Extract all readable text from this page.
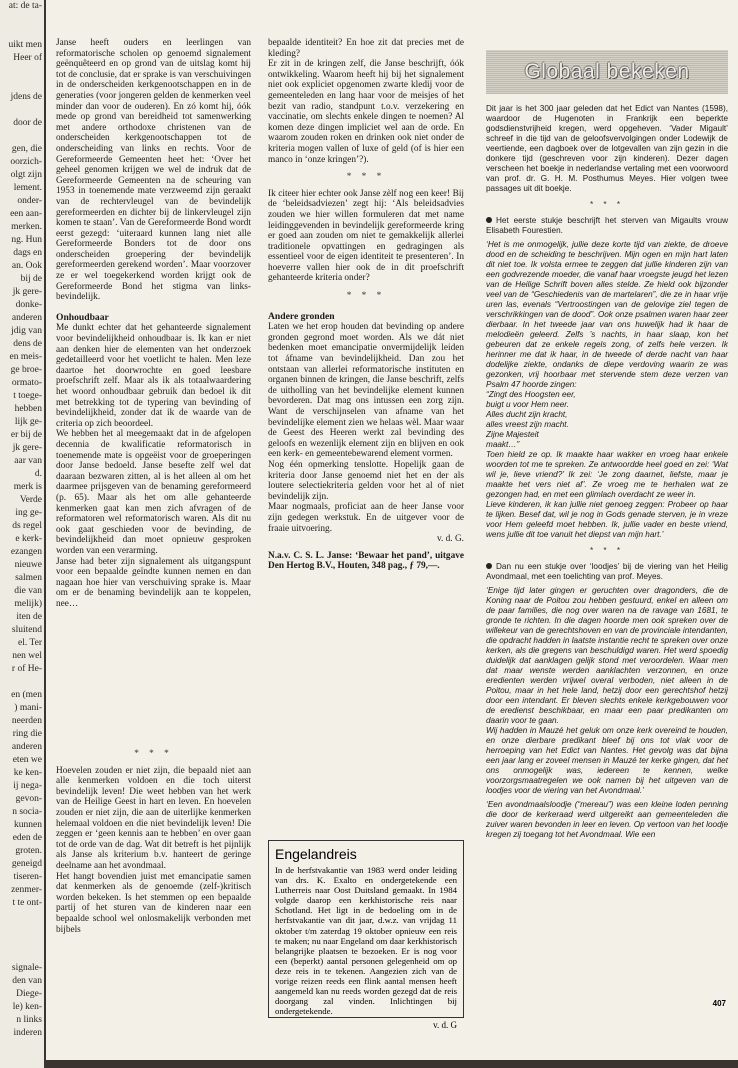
at: de ta-

uikt men
Heer of

jdens de

door de

gen, die
oorzich-
olgt zijn
lement.
onder-
een aan-
merken.
ng. Hun
dags en
an. Ook
bij de
jk gere-
donke-
anderen
jdig van
dens de
en meis-
ge broe-
ormato-
t toege-
hebben
lijk ge-
er bij de
jk gere-
aar van
d.
merk is
Verde
ing ge-
ds regel
e kerk-
ezangen
nieuwe
salmen
die van
melijk)
iten de
sluitend
el. Ter
nen wel
r of He-

en (men
) mani-
neerden
ring die
anderen
eten we
ke ken-
ij nega-
gevon-
n socia-
kunnen
eden de
groten.
geneigd
tiseren-
zenmer-
t te ont-

signale-
den van
Diege-
le) ken-
n links
inderen

Janse heeft ouders en leerlingen van reformatorische scholen op genoemd signalement geënquêteerd en op grond van de uitslag komt hij tot de conclusie, dat er sprake is van verschuivingen in de onderscheiden kerkgenootschappen en in de generaties (voor jongeren gelden de kenmerken veel minder dan voor de ouderen). En zó komt hij, óók mede op grond van bereidheid tot samenwerking met andere orthodoxe christenen van de onderscheiden kerkgenootschappen tot de onderscheiding van links en rechts. Voor de Gereformeerde Gemeenten heet het: ‘Over het geheel genomen krijgen we wel de indruk dat de Gereformeerde Gemeenten na de scheuring van 1953 in toenemende mate verzweemd zijn geraakt van de rechtervleugel van de bevindelijk gereformeerden en dichter bij de linkervleugel zijn komen te staan’. Van de Gereformeerde Bond wordt eerst gezegd: ‘uiteraard kunnen lang niet alle Gereformeerde Bonders tot de door ons onderscheiden groepering der bevindelijk gereformeerden gerekend worden’. Maar voorzover ze er wel toegekerkend worden krijgt ook de Gereformeerde Bond het stigma van links-bevindelijk.

Onhoudbaar

Me dunkt echter dat het gehanteerde signalement voor bevindelijkheid onhoudbaar is. Ik kan er niet aan denken hier de elementen van het onderzoek gedetailleerd voor het voetlicht te halen. Men leze daartoe het doorwrochte en goed leesbare proefschrift zelf. Maar als ik als totaalwaardering het woord onhoudbaar gebruik dan bedoel ik dit met betrekking tot de typering van bevinding of bevindelijkheid, zonder dat ik de waarde van de criteria op zich beoordeel.

We hebben het al meegemaakt dat in de afgelopen decennia de kwalificatie reformatorisch in toenemende mate is opgeëist voor de groeperingen door Janse bedoeld. Janse besefte zelf wel dat daaraan bezwaren zitten, al is het alleen al om het daarmee prijsgeven van de benaming gereformeerd (p. 65). Maar als het om alle gehanteerde kenmerken gaat kan men zich afvragen of de reformatoren wel reformatorisch waren. Als dit nu ook gaat geschieden voor de bevinding, de bevindelijkheid dan moet opnieuw gesproken worden van een verarming.

Janse had beter zijn signalement als uitgangspunt voor een bepaalde geïndte kunnen nemen en dan nagaan hoe hier van verschuiving sprake is. Maar om er de benaming bevindelijk aan te koppelen, nee…

* * *

Hoevelen zouden er niet zijn, die bepaald niet aan alle kenmerken voldoen en die toch uiterst bevindelijk leven! Die weet hebben van het werk van de Heilige Geest in hart en leven. En hoevelen zouden er niet zijn, die aan de uiterlijke kenmerken helemaal voldoen en die niet bevindelijk leven! Die zeggen er ‘geen kennis aan te hebben’ en over gaan tot de orde van de dag. Wat dit betreft is het pijnlijk als Janse als kriterium b.v. hanteert de geringe deelname aan het avondmaal.

Het hangt bovendien juist met emancipatie samen dat kenmerken als de genoemde (zelf-)kritisch worden bekeken. Is het stemmen op een bepaalde partij of het sturen van de kinderen naar een bepaalde school wel onlosmakelijk verbonden met bijbels

bepaalde identiteit? En hoe zit dat precies met de kleding?

Er zit in de kringen zelf, die Janse beschrijft, óók ontwikkeling. Waarom heeft hij bij het signalement niet ook expliciet opgenomen zwarte kledij voor de gemeenteleden en lang haar voor de meisjes of het bezit van radio, standpunt t.o.v. verzekering en vaccinatie, om slechts enkele dingen te noemen? Al komen deze dingen impliciet wel aan de orde. En waarom zouden roken en drinken ook niet onder de kriteria mogen vallen of luxe of geld (of is hier een manco in ‘onze kringen’?).

* * *

Ik citeer hier echter ook Janse zèlf nog een keer! Bij de ‘beleidsadviezen’ zegt hij: ‘Als beleidsadvies zouden we hier willen formuleren dat met name leidinggevenden in bevindelijk gereformeerde kring er goed aan zouden om niet te gemakkelijk allerlei traditionele opvattingen en gedragingen als essentieel voor de eigen identiteit te presenteren’. In hoeverre vallen hier ook de in dit proefschrift gehanteerde kriteria onder?

* * *

Andere gronden

Laten we het erop houden dat bevinding op andere gronden gegrond moet worden. Als we dát niet bedenken moet emancipatie onvermijdelijk leiden tot áfname van bevindelijkheid. Dan zou het ontstaan van allerlei reformatorische instituten en organen binnen de kringen, die Janse beschrift, zelfs de uitholling van het bevindelijke element kunnen bevorderen. Dat mag ons intussen een zorg zijn. Want de verschijnselen van afname van het bevindelijke element zien we helaas wèl. Maar waar de Geest des Heeren werkt zal bevinding des geloofs en wezenlijk element zijn en blijven en ook een kerk- en gemeentebewarend element vormen.

Nog één opmerking tenslotte. Hopelijk gaan de kriteria door Janse genoemd niet het en der als loutere selectiekriteria gelden voor het al of niet bevindelijk zijn.

Maar nogmaals, proficiat aan de heer Janse voor zijn gedegen werkstuk. En de uitgever voor de fraaie uitvoering.

v. d. G.

N.a.v. C. S. L. Janse: ‘Bewaar het pand’, uitgave Den Hertog B.V., Houten, 348 pag., ƒ 79,—.

Engelandreis

In de herfstvakantie van 1983 werd onder leiding van drs. K. Exalto en ondergetekende een Lutherreis naar Oost Duitsland gemaakt. In 1984 volgde daarop een kerkhistorische reis naar Schotland. Het ligt in de bedoeling om in de herfstvakantie van dit jaar, d.w.z. van vrijdag 11 oktober t/m zaterdag 19 oktober opnieuw een reis te maken; nu naar Engeland om daar kerkhistorisch belangrijke plaatsen te bezoeken. Er is nog voor een (beperkt) aantal personen gelegenheid om op deze reis in te tekenen. Aangezien zich van de vorige reizen reeds een flink aantal mensen heeft aangemeld kan nu reeds worden gezegd dat de reis doorgang zal vinden. Inlichtingen bij ondergetekende.

v. d. G
Globaal bekeken

Dit jaar is het 300 jaar geleden dat het Edict van Nantes (1598), waardoor de Hugenoten in Frankrijk een beperkte godsdienstvrijheid kregen, werd opgeheven. ‘Vader Migault’ schreef in die tijd van de geloofsvervolgingen onder Lodewijk de veertiende, een dagboek over de lotgevallen van zijn gezin in die donkere tijd (geschreven voor zijn kinderen). Dezer dagen verscheen het boekje in nederlandse vertaling met een voorwoord van prof. dr. G. H. M. Posthumus Meyes. Hier volgen twee passages uit dit boekje.

* * *

Het eerste stukje beschrijft het sterven van Migaults vrouw Elisabeth Fourestien.

‘Het is me onmogelijk, jullie deze korte tijd van ziekte, de droeve dood en de scheiding te beschrijven. Mijn ogen en mijn hart laten dit niet toe. Ik volsta ermee te zeggen dat jullie kinderen zijn van een godvrezende moeder, die vanaf haar vroegste jeugd het lezen van de Heilige Schrift boven alles stelde. Ze hield ook bijzonder veel van de “Geschiedenis van de martelaren”, die ze in haar vrije uren las, evenals “Vertroostingen van de gelovige ziel tegen de verschrikkingen van de dood”. Ook onze psalmen waren haar zeer dierbaar. In het tweede jaar van ons huwelijk had ik haar de melodieën geleerd. Zelfs ’s nachts, in haar slaap, kon het gebeuren dat ze enkele regels zong, of zelfs hele verzen. Ik herinner me dat ik haar, in de tweede of derde nacht van haar dodelijke ziekte, ondanks de diepe verdoving waarin ze was gezonken, vrij hoorbaar met stervende stem deze verzen van Psalm 47 hoorde zingen:

“Zingt des Hoogsten eer,
buigt u voor Hem neer.
Alles ducht zijn kracht,
alles vreest zijn macht.
Zijne Majesteit
maakt…”

Toen hield ze op. Ik maakte haar wakker en vroeg haar enkele woorden tot me te spreken. Ze antwoordde heel goed en zei: ‘Wat wil je, lieve vriend?’ Ik zei: ‘Je zong daarnet, liefste, maar je maakte het vers niet af’. Ze vroeg me te herhalen wat ze gezongen had, en met een glimlach overdacht ze weer in.

Lieve kinderen, ik kan jullie niet genoeg zeggen: Probeer op haar te lijken. Besef dat, wil je nog in Gods genade sterven, je in vreze voor Hem geleefd moet hebben. Ik, jullie vader en beste vriend, wens jullie dit toe vanuit het diepst van mijn hart.’

* * *

Dan nu een stukje over ‘loodjes’ bij de viering van het Heilig Avondmaal, met een toelichting van prof. Meyes.

‘Enige tijd later gingen er geruchten over dragonders, die de Koning naar de Poitou zou hebben gestuurd, enkel en alleen om de paar families, die nog over waren na de ravage van 1681, te gronde te richten. In die dagen hoorde men ook spreken over de willekeur van de gerechtshoven en van de provinciale intendanten, die opdracht hadden in laatste instantie recht te spreken over onze kerken, als die gregens van beschuldigd waren. Het werd spoedig duidelijk dat aanklagen gelijk stond met veroordelen. Waar men dat maar wenste werden aanklachten verzonnen, en onze eredienten werden vrijwel overal verboden, niet alleen in de Poitou, maar in het hele land, hetzij door een gerechtshof hetzij door een intendant. Er bleven slechts enkele kerkgebouwen voor de eredienst beschikbaar, en maar een paar predikanten om daarin voor te gaan.

Wij hadden in Mauzé het geluk om onze kerk overeind te houden, en onze dierbare predikant bleef bij ons tot vlak voor de herroeping van het Edict van Nantes. Het gevolg was dat bijna een jaar lang er zoveel mensen in Mauzé ter kerke gingen, dat het ons onmogelijk was, iedereen te kennen, welke voorzorgsmaatregelen we ook namen bij het uitgeven van de loodjes voor de viering van het Avondmaal.’

‘Een avondmaalsloodje (“mereau”) was een kleine loden penning die door de kerkeraad werd uitgereikt aan gemeenteleden die zuiver waren bevonden in leer en leven. Op vertoon van het loodje kregen zij toegang tot het Avondmaal. Wie een

407
